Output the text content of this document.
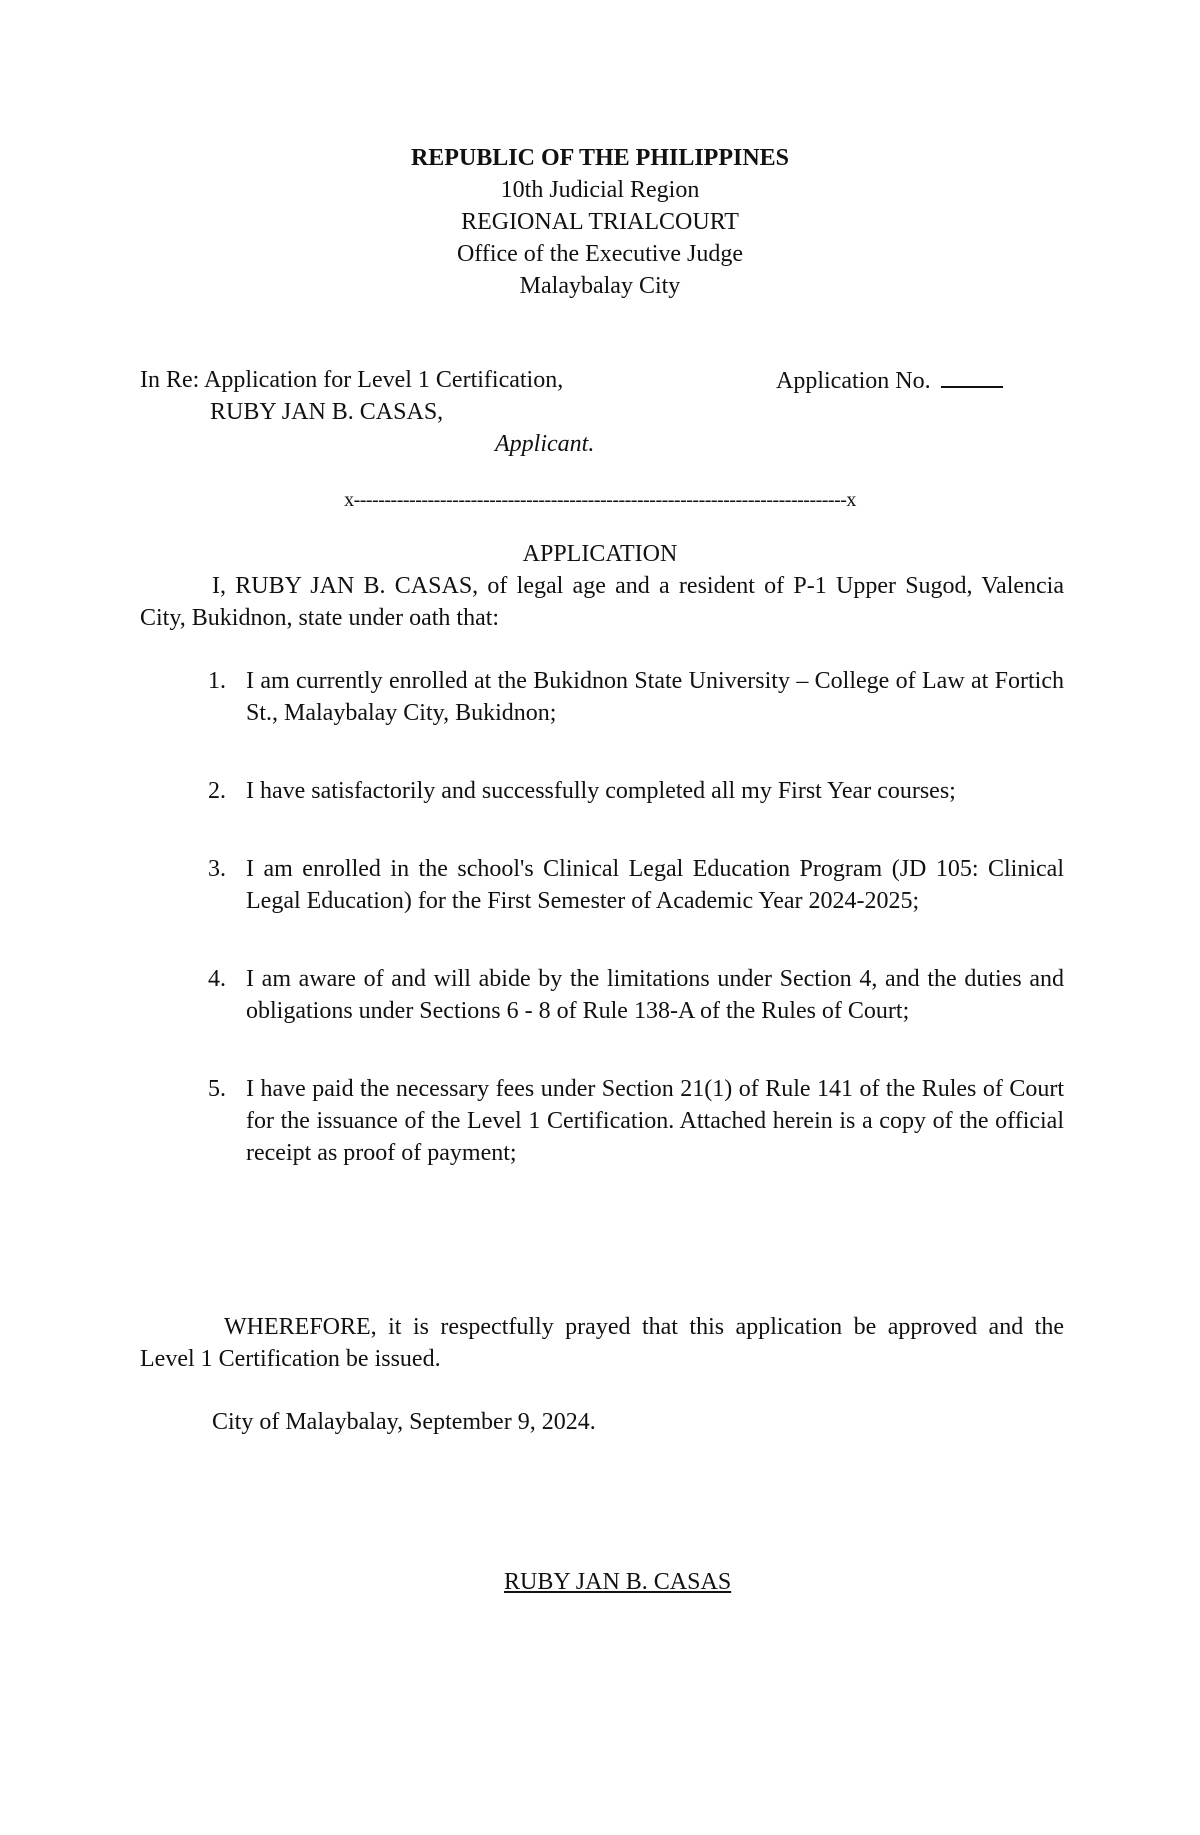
REPUBLIC OF THE PHILIPPINES
10th Judicial Region
REGIONAL TRIALCOURT
Office of the Executive Judge
Malaybalay City
In Re: Application for Level 1 Certification,
RUBY JAN B. CASAS,
Applicant.
Application No.
x--------------------------------------------------------------------------------x
APPLICATION
I, RUBY JAN B. CASAS, of legal age and a resident of P-1 Upper Sugod, Valencia City, Bukidnon, state under oath that:
1. I am currently enrolled at the Bukidnon State University – College of Law at Fortich St., Malaybalay City, Bukidnon;
2. I have satisfactorily and successfully completed all my First Year courses;
3. I am enrolled in the school's Clinical Legal Education Program (JD 105: Clinical Legal Education) for the First Semester of Academic Year 2024-2025;
4. I am aware of and will abide by the limitations under Section 4, and the duties and obligations under Sections 6 - 8 of Rule 138-A of the Rules of Court;
5. I have paid the necessary fees under Section 21(1) of Rule 141 of the Rules of Court for the issuance of the Level 1 Certification. Attached herein is a copy of the official receipt as proof of payment;
WHEREFORE, it is respectfully prayed that this application be approved and the Level 1 Certification be issued.
City of Malaybalay, September 9, 2024.
RUBY JAN B. CASAS
